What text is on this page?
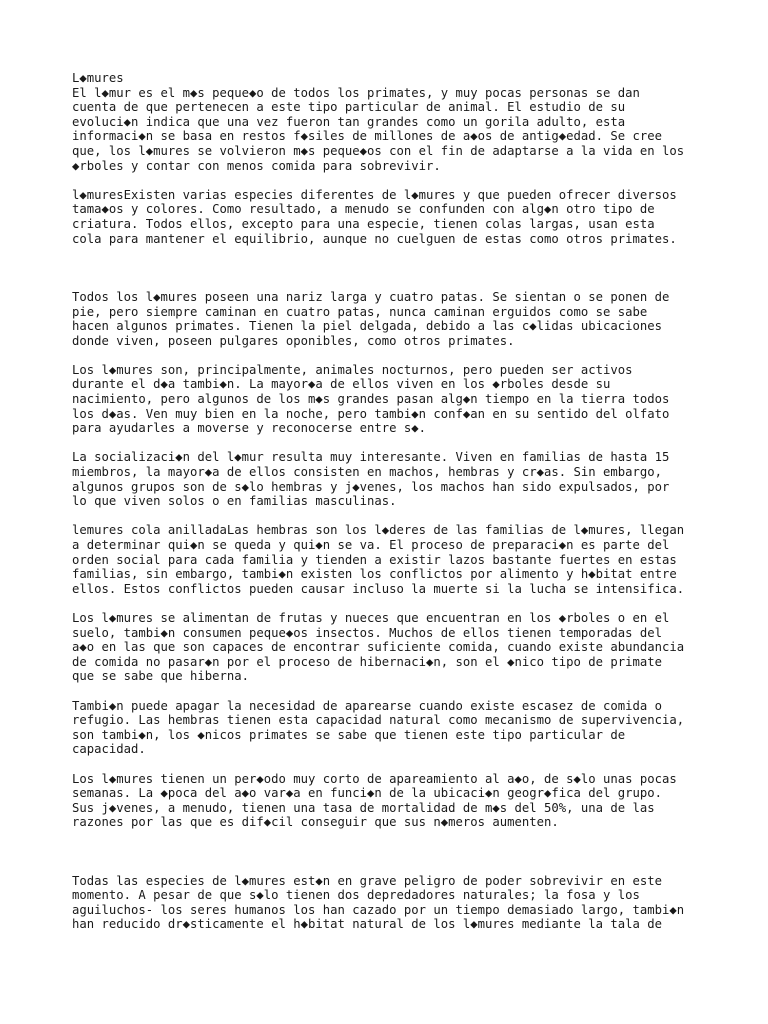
L◆mures
El l◆mur es el m◆s peque◆o de todos los primates, y muy pocas personas se dan
cuenta de que pertenecen a este tipo particular de animal. El estudio de su
evoluci◆n indica que una vez fueron tan grandes como un gorila adulto, esta
informaci◆n se basa en restos f◆siles de millones de a◆os de antig◆edad. Se cree
que, los l◆mures se volvieron m◆s peque◆os con el fin de adaptarse a la vida en los
◆rboles y contar con menos comida para sobrevivir.
l◆muresExisten varias especies diferentes de l◆mures y que pueden ofrecer diversos
tama◆os y colores. Como resultado, a menudo se confunden con alg◆n otro tipo de
criatura. Todos ellos, excepto para una especie, tienen colas largas, usan esta
cola para mantener el equilibrio, aunque no cuelguen de estas como otros primates.
Todos los l◆mures poseen una nariz larga y cuatro patas. Se sientan o se ponen de
pie, pero siempre caminan en cuatro patas, nunca caminan erguidos como se sabe
hacen algunos primates. Tienen la piel delgada, debido a las c◆lidas ubicaciones
donde viven, poseen pulgares oponibles, como otros primates.
Los l◆mures son, principalmente, animales nocturnos, pero pueden ser activos
durante el d◆a tambi◆n. La mayor◆a de ellos viven en los ◆rboles desde su
nacimiento, pero algunos de los m◆s grandes pasan alg◆n tiempo en la tierra todos
los d◆as. Ven muy bien en la noche, pero tambi◆n conf◆an en su sentido del olfato
para ayudarles a moverse y reconocerse entre s◆.
La socializaci◆n del l◆mur resulta muy interesante. Viven en familias de hasta 15
miembros, la mayor◆a de ellos consisten en machos, hembras y cr◆as. Sin embargo,
algunos grupos son de s◆lo hembras y j◆venes, los machos han sido expulsados, por
lo que viven solos o en familias masculinas.
lemures cola anilladaLas hembras son los l◆deres de las familias de l◆mures, llegan
a determinar qui◆n se queda y qui◆n se va. El proceso de preparaci◆n es parte del
orden social para cada familia y tienden a existir lazos bastante fuertes en estas
familias, sin embargo, tambi◆n existen los conflictos por alimento y h◆bitat entre
ellos. Estos conflictos pueden causar incluso la muerte si la lucha se intensifica.
Los l◆mures se alimentan de frutas y nueces que encuentran en los ◆rboles o en el
suelo, tambi◆n consumen peque◆os insectos. Muchos de ellos tienen temporadas del
a◆o en las que son capaces de encontrar suficiente comida, cuando existe abundancia
de comida no pasar◆n por el proceso de hibernaci◆n, son el ◆nico tipo de primate
que se sabe que hiberna.
Tambi◆n puede apagar la necesidad de aparearse cuando existe escasez de comida o
refugio. Las hembras tienen esta capacidad natural como mecanismo de supervivencia,
son tambi◆n, los ◆nicos primates se sabe que tienen este tipo particular de
capacidad.
Los l◆mures tienen un per◆odo muy corto de apareamiento al a◆o, de s◆lo unas pocas
semanas. La ◆poca del a◆o var◆a en funci◆n de la ubicaci◆n geogr◆fica del grupo.
Sus j◆venes, a menudo, tienen una tasa de mortalidad de m◆s del 50%, una de las
razones por las que es dif◆cil conseguir que sus n◆meros aumenten.
Todas las especies de l◆mures est◆n en grave peligro de poder sobrevivir en este
momento. A pesar de que s◆lo tienen dos depredadores naturales; la fosa y los
aguiluchos- los seres humanos los han cazado por un tiempo demasiado largo, tambi◆n
han reducido dr◆sticamente el h◆bitat natural de los l◆mures mediante la tala de
